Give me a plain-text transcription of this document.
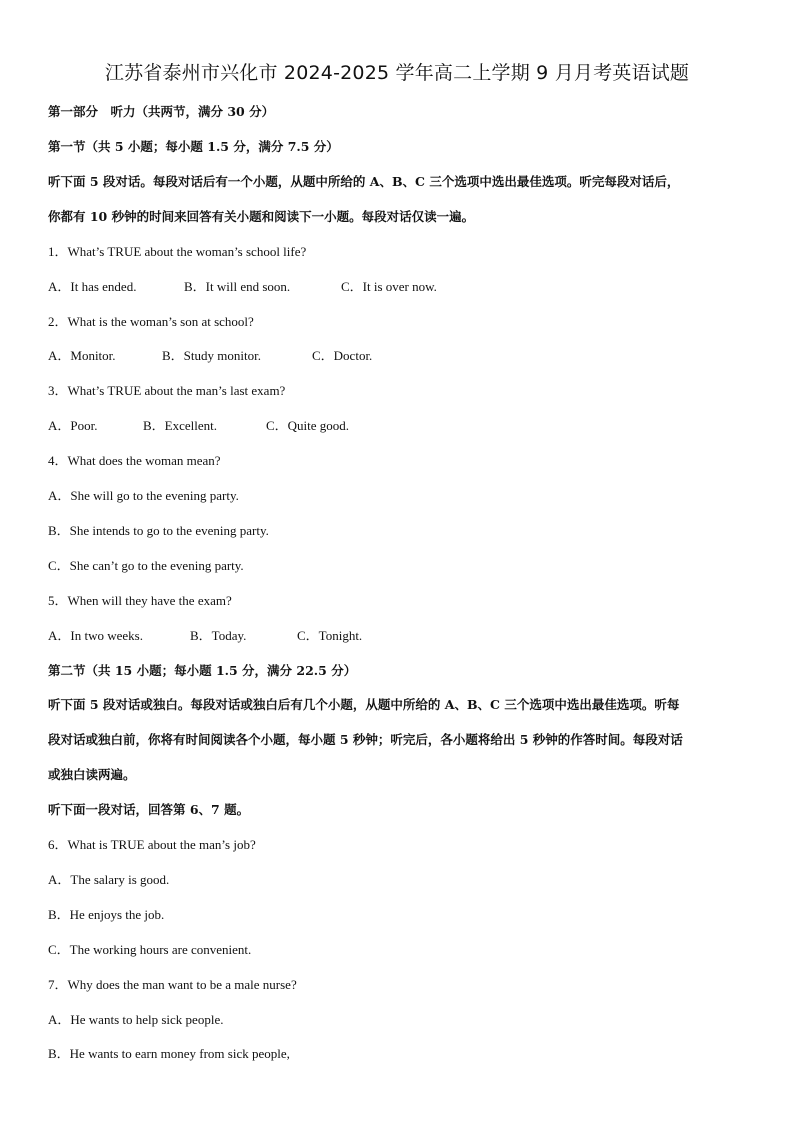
江苏省泰州市兴化市 2024-2025 学年高二上学期 9 月月考英语试题
第一部分　听力（共两节，满分 30 分）
第一节（共 5 小题；每小题 1.5 分，满分 7.5 分）
听下面 5 段对话。每段对话后有一个小题，从题中所给的 A、B、C 三个选项中选出最佳选项。听完每段对话后，
你都有 10 秒钟的时间来回答有关小题和阅读下一小题。每段对话仅读一遍。
1．What’s TRUE about the woman’s school life?
A．It has ended.	B．It will end soon.	C．It is over now.
2．What is the woman’s son at school?
A．Monitor.	B．Study monitor.	C．Doctor.
3．What’s TRUE about the man’s last exam?
A．Poor.	B．Excellent.	C．Quite good.
4．What does the woman mean?
A．She will go to the evening party.
B．She intends to go to the evening party.
C．She can’t go to the evening party.
5．When will they have the exam?
A．In two weeks.	B．Today.	C．Tonight.
第二节（共 15 小题；每小题 1.5 分，满分 22.5 分）
听下面 5 段对话或独白。每段对话或独白后有几个小题，从题中所给的 A、B、C 三个选项中选出最佳选项。听每
段对话或独白前，你将有时间阅读各个小题，每小题 5 秒钟；听完后，各小题将给出 5 秒钟的作答时间。每段对话
或独白读两遍。
听下面一段对话，回答第 6、7 题。
6．What is TRUE about the man’s job?
A．The salary is good.
B．He enjoys the job.
C．The working hours are convenient.
7．Why does the man want to be a male nurse?
A．He wants to help sick people.
B．He wants to earn money from sick people,
